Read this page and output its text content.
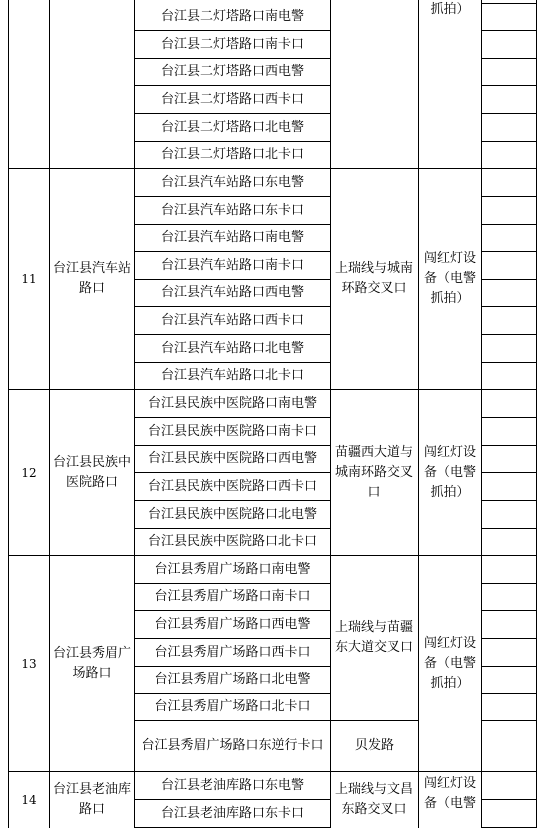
台江县二灯塔路口南电警
台江县二灯塔路口南卡口
台江县二灯塔路口西电警
台江县二灯塔路口西卡口
台江县二灯塔路口北电警
台江县二灯塔路口北卡口
台江县汽车站路口东电警
台江县汽车站路口东卡口
台江县汽车站路口南电警
台江县汽车站路口南卡口
台江县汽车站路口西电警
台江县汽车站路口西卡口
台江县汽车站路口北电警
台江县汽车站路口北卡口
台江县民族中医院路口南电警
台江县民族中医院路口南卡口
台江县民族中医院路口西电警
台江县民族中医院路口西卡口
台江县民族中医院路口北电警
台江县民族中医院路口北卡口
台江县秀眉广场路口南电警
台江县秀眉广场路口南卡口
台江县秀眉广场路口西电警
台江县秀眉广场路口西卡口
台江县秀眉广场路口北电警
台江县秀眉广场路口北卡口
台江县秀眉广场路口东逆行卡口
台江县老油库路口东电警
台江县老油库路口东卡口
抓拍）
11
台江县汽车站路口
上瑞线与城南环路交叉口
闯红灯设备（电警抓拍）
12
台江县民族中医院路口
苗疆西大道与城南环路交叉口
闯红灯设备（电警抓拍）
13
台江县秀眉广场路口
上瑞线与苗疆东大道交叉口
贝发路
闯红灯设备（电警抓拍）
14
台江县老油库路口
上瑞线与文昌东路交叉口
闯红灯设备（电警
